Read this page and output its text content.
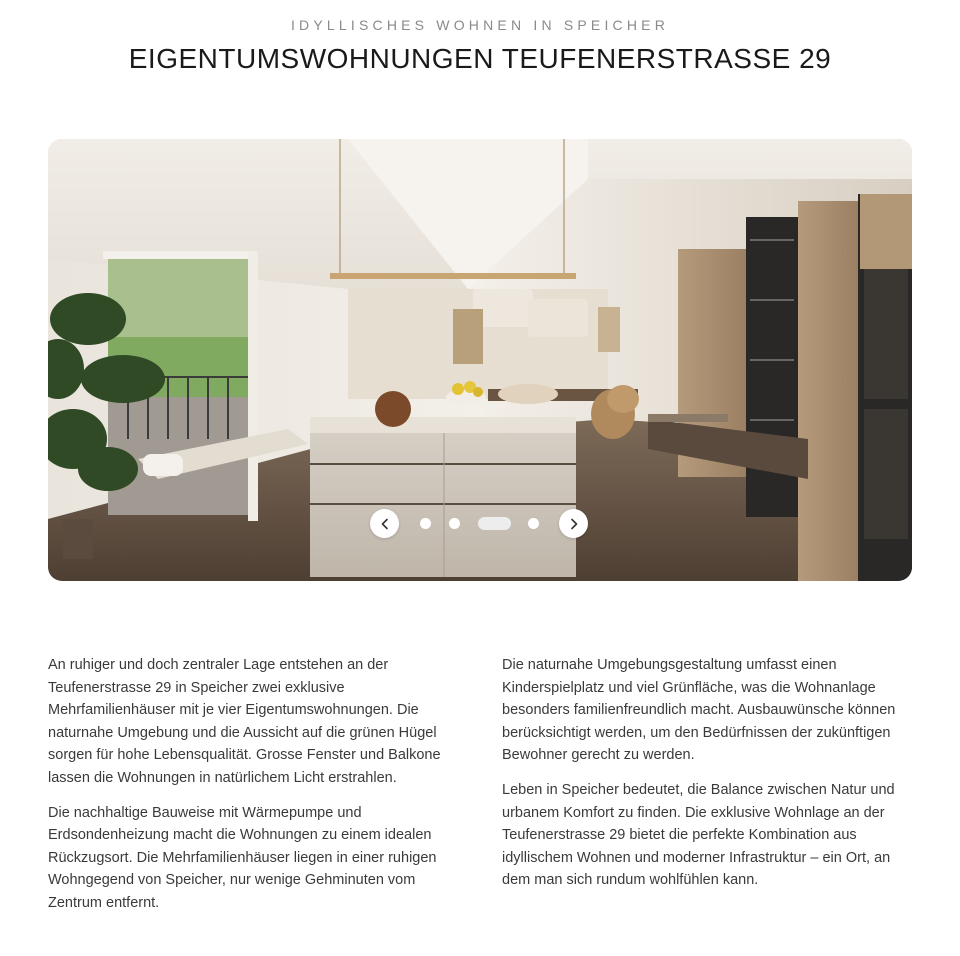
IDYLLISCHES WOHNEN IN SPEICHER
EIGENTUMSWOHNUNGEN TEUFENERSTRASSE 29

An ruhiger und doch zentraler Lage entstehen an der Teufenerstrasse 29 in Speicher zwei exklusive Mehrfamilienhäuser mit je vier Eigentumswohnungen. Die naturnahe Umgebung und die Aussicht auf die grünen Hügel sorgen für hohe Lebensqualität. Grosse Fenster und Balkone lassen die Wohnungen in natürlichem Licht erstrahlen.

Die nachhaltige Bauweise mit Wärmepumpe und Erdsondenheizung macht die Wohnungen zu einem idealen Rückzugsort. Die Mehrfamilienhäuser liegen in einer ruhigen Wohngegend von Speicher, nur wenige Gehminuten vom Zentrum entfernt.

Die naturnahe Umgebungsgestaltung umfasst einen Kinderspielplatz und viel Grünfläche, was die Wohnanlage besonders familienfreundlich macht. Ausbauwünsche können berücksichtigt werden, um den Bedürfnissen der zukünftigen Bewohner gerecht zu werden.

Leben in Speicher bedeutet, die Balance zwischen Natur und urbanem Komfort zu finden. Die exklusive Wohnlage an der Teufenerstrasse 29 bietet die perfekte Kombination aus idyllischem Wohnen und moderner Infrastruktur – ein Ort, an dem man sich rundum wohlfühlen kann.
